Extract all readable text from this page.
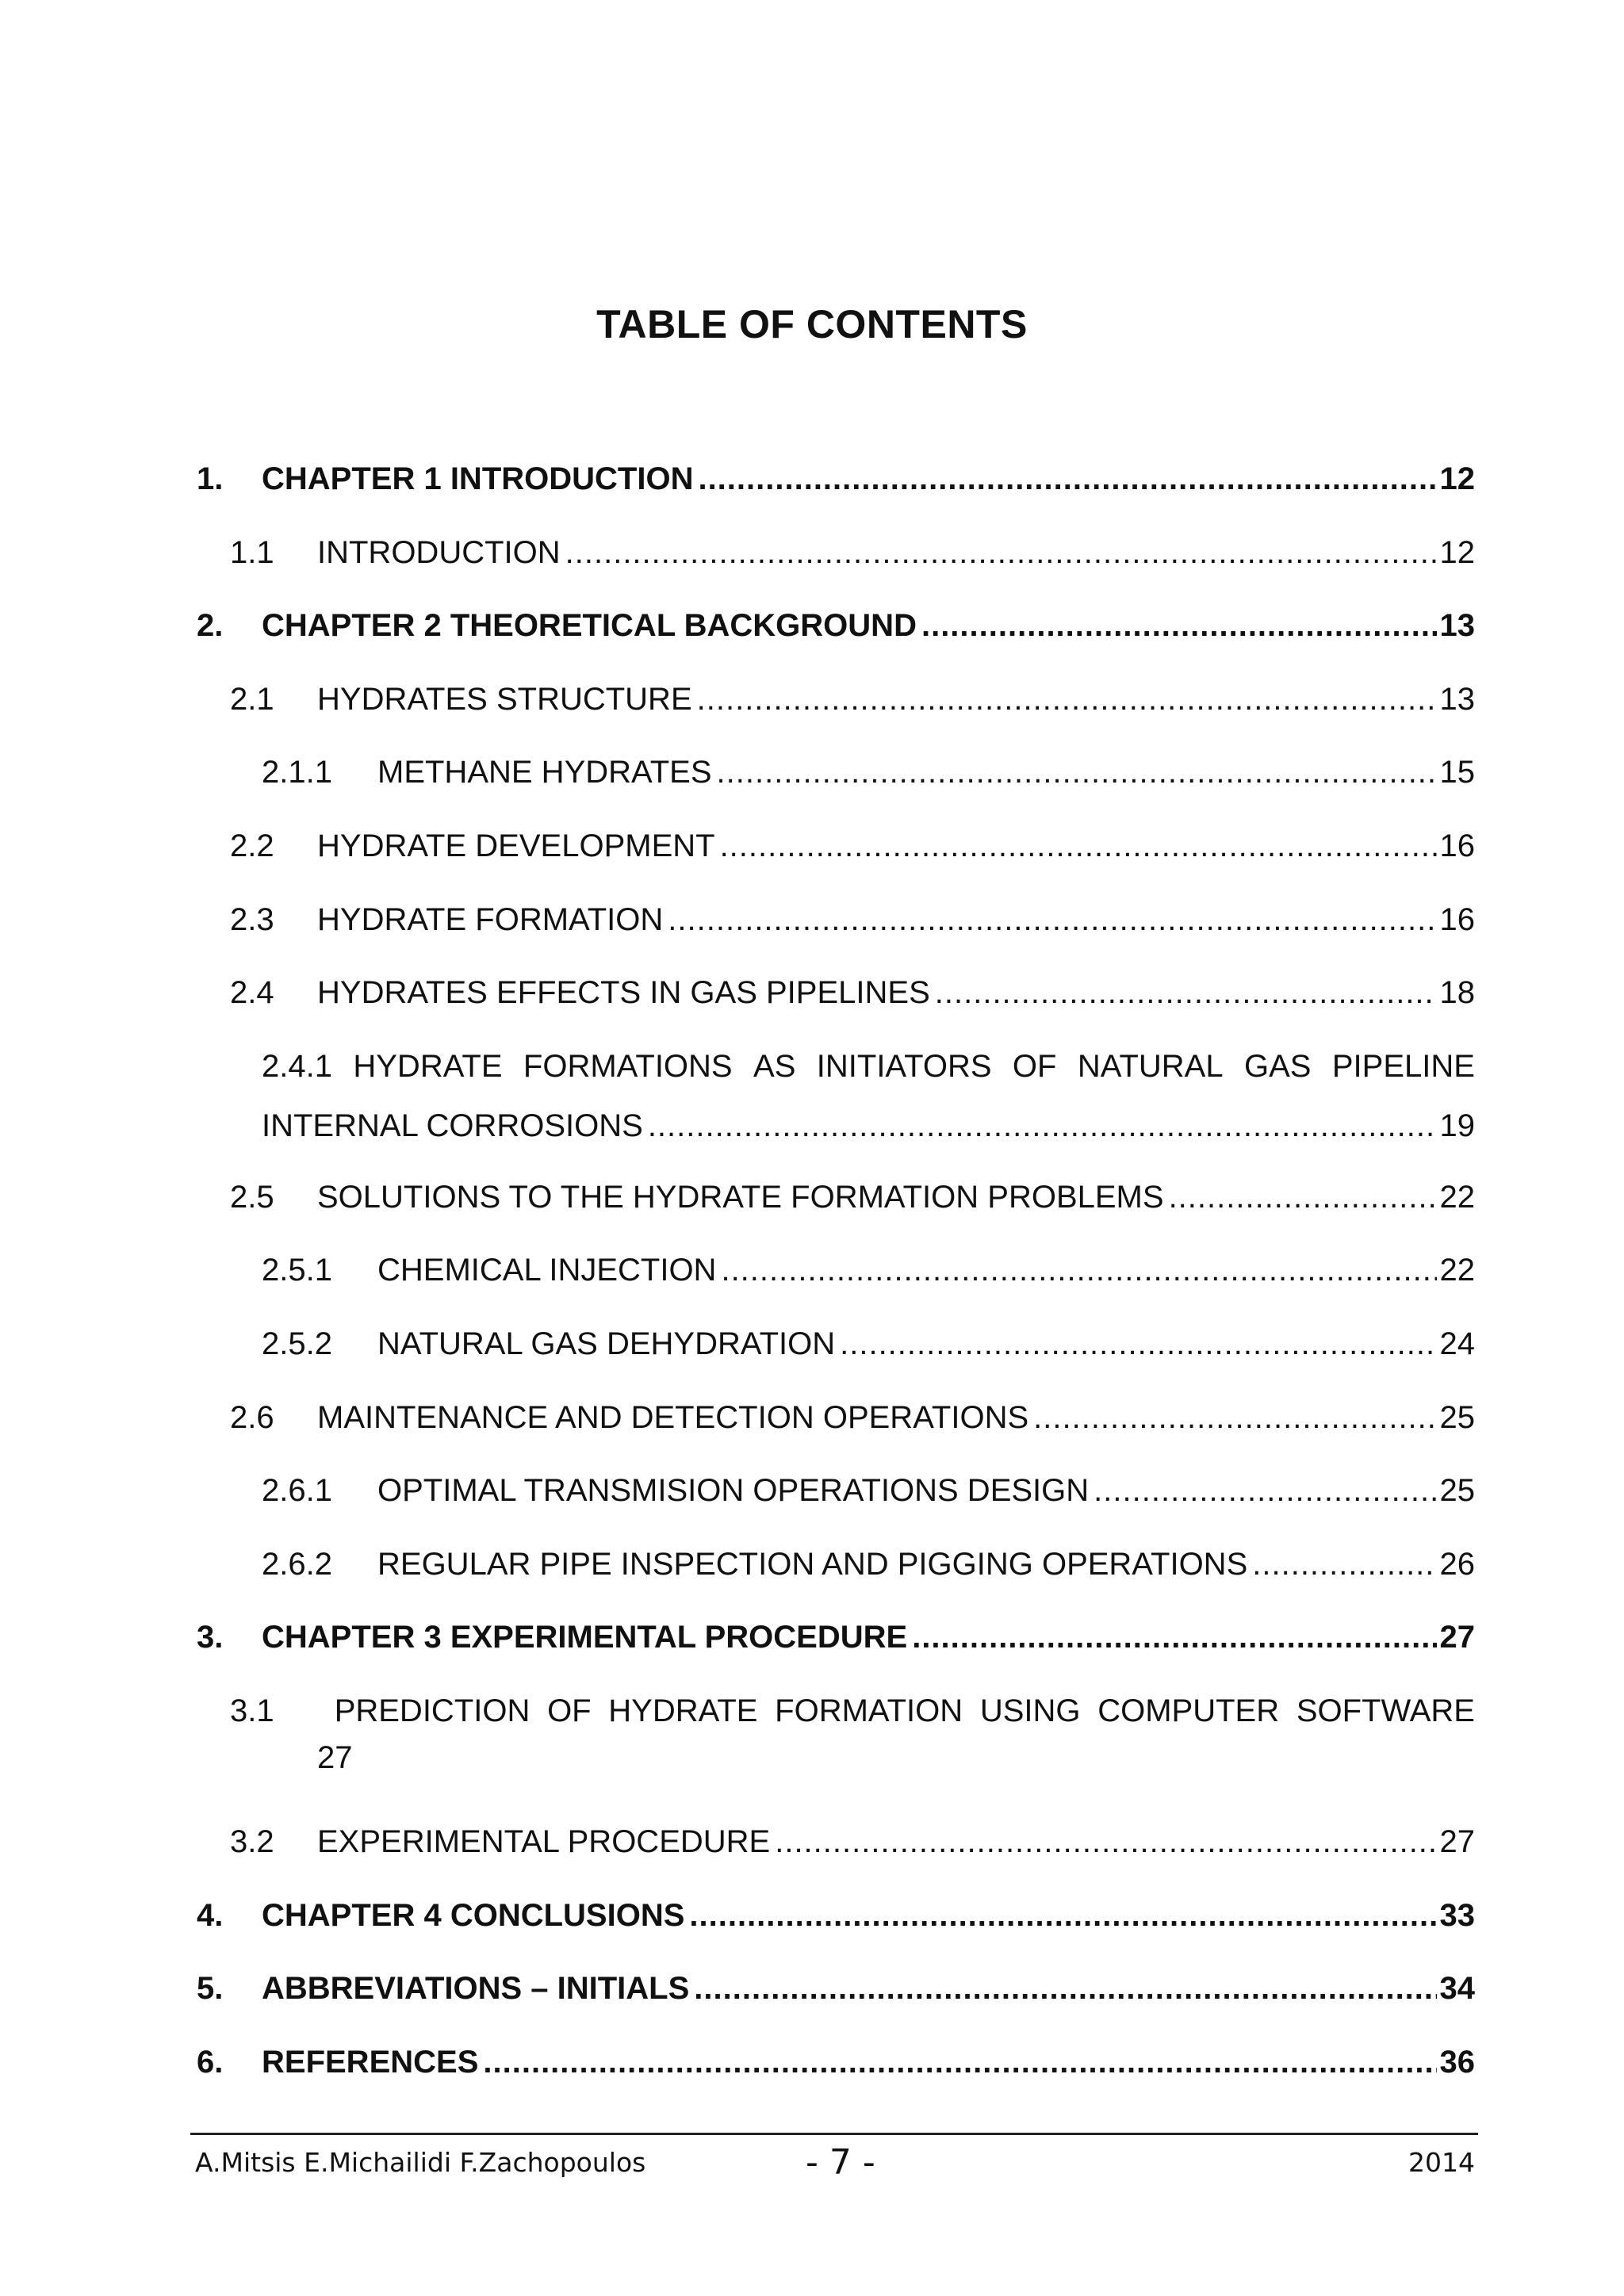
TABLE OF CONTENTS
1.	CHAPTER 1 INTRODUCTION .....	12
1.1	INTRODUCTION .....	12
2.	CHAPTER 2 THEORETICAL BACKGROUND .....	13
2.1	HYDRATES STRUCTURE .....	13
2.1.1	METHANE HYDRATES .....	15
2.2	HYDRATE DEVELOPMENT .....	16
2.3	HYDRATE FORMATION .....	16
2.4	HYDRATES EFFECTS IN GAS PIPELINES .....	18
2.4.1 HYDRATE FORMATIONS AS INITIATORS OF NATURAL GAS PIPELINE
INTERNAL CORROSIONS .....	19
2.5	SOLUTIONS TO THE HYDRATE FORMATION PROBLEMS .....	22
2.5.1	CHEMICAL INJECTION .....	22
2.5.2	NATURAL GAS DEHYDRATION .....	24
2.6	MAINTENANCE AND DETECTION OPERATIONS .....	25
2.6.1	OPTIMAL TRANSMISION OPERATIONS DESIGN .....	25
2.6.2	REGULAR PIPE INSPECTION AND PIGGING OPERATIONS .....	26
3.	CHAPTER 3 EXPERIMENTAL PROCEDURE .....	27
3.1	PREDICTION OF HYDRATE FORMATION USING COMPUTER SOFTWARE
27
3.2	EXPERIMENTAL PROCEDURE .....	27
4.	CHAPTER 4 CONCLUSIONS .....	33
5.	ABBREVIATIONS – INITIALS .....	34
6.	REFERENCES .....	36
A.Mitsis E.Michailidi F.Zachopoulos	- 7 -	2014
